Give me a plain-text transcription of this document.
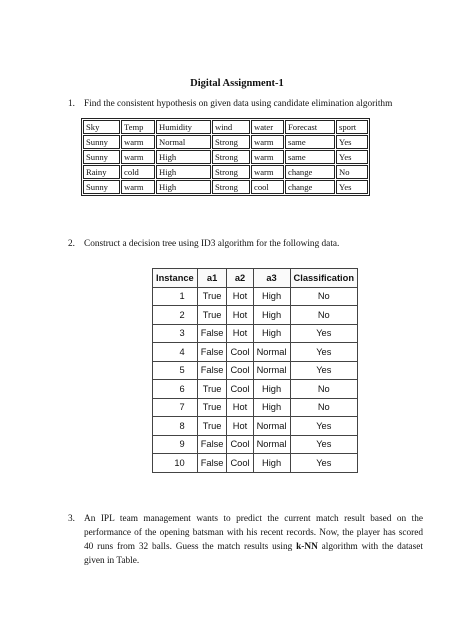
Digital Assignment-1
1. Find the consistent hypothesis on given data using candidate elimination algorithm
Sky	Temp	Humidity	wind	water	Forecast	sport
Sunny	warm	Normal	Strong	warm	same	Yes
Sunny	warm	High	Strong	warm	same	Yes
Rainy	cold	High	Strong	warm	change	No
Sunny	warm	High	Strong	cool	change	Yes
2. Construct a decision tree using ID3 algorithm for the following data.
Instance	a1	a2	a3	Classification
1	True	Hot	High	No
2	True	Hot	High	No
3	False	Hot	High	Yes
4	False	Cool	Normal	Yes
5	False	Cool	Normal	Yes
6	True	Cool	High	No
7	True	Hot	High	No
8	True	Hot	Normal	Yes
9	False	Cool	Normal	Yes
10	False	Cool	High	Yes
3. An IPL team management wants to predict the current match result based on the performance of the opening batsman with his recent records. Now, the player has scored 40 runs from 32 balls. Guess the match results using k-NN algorithm with the dataset given in Table.
